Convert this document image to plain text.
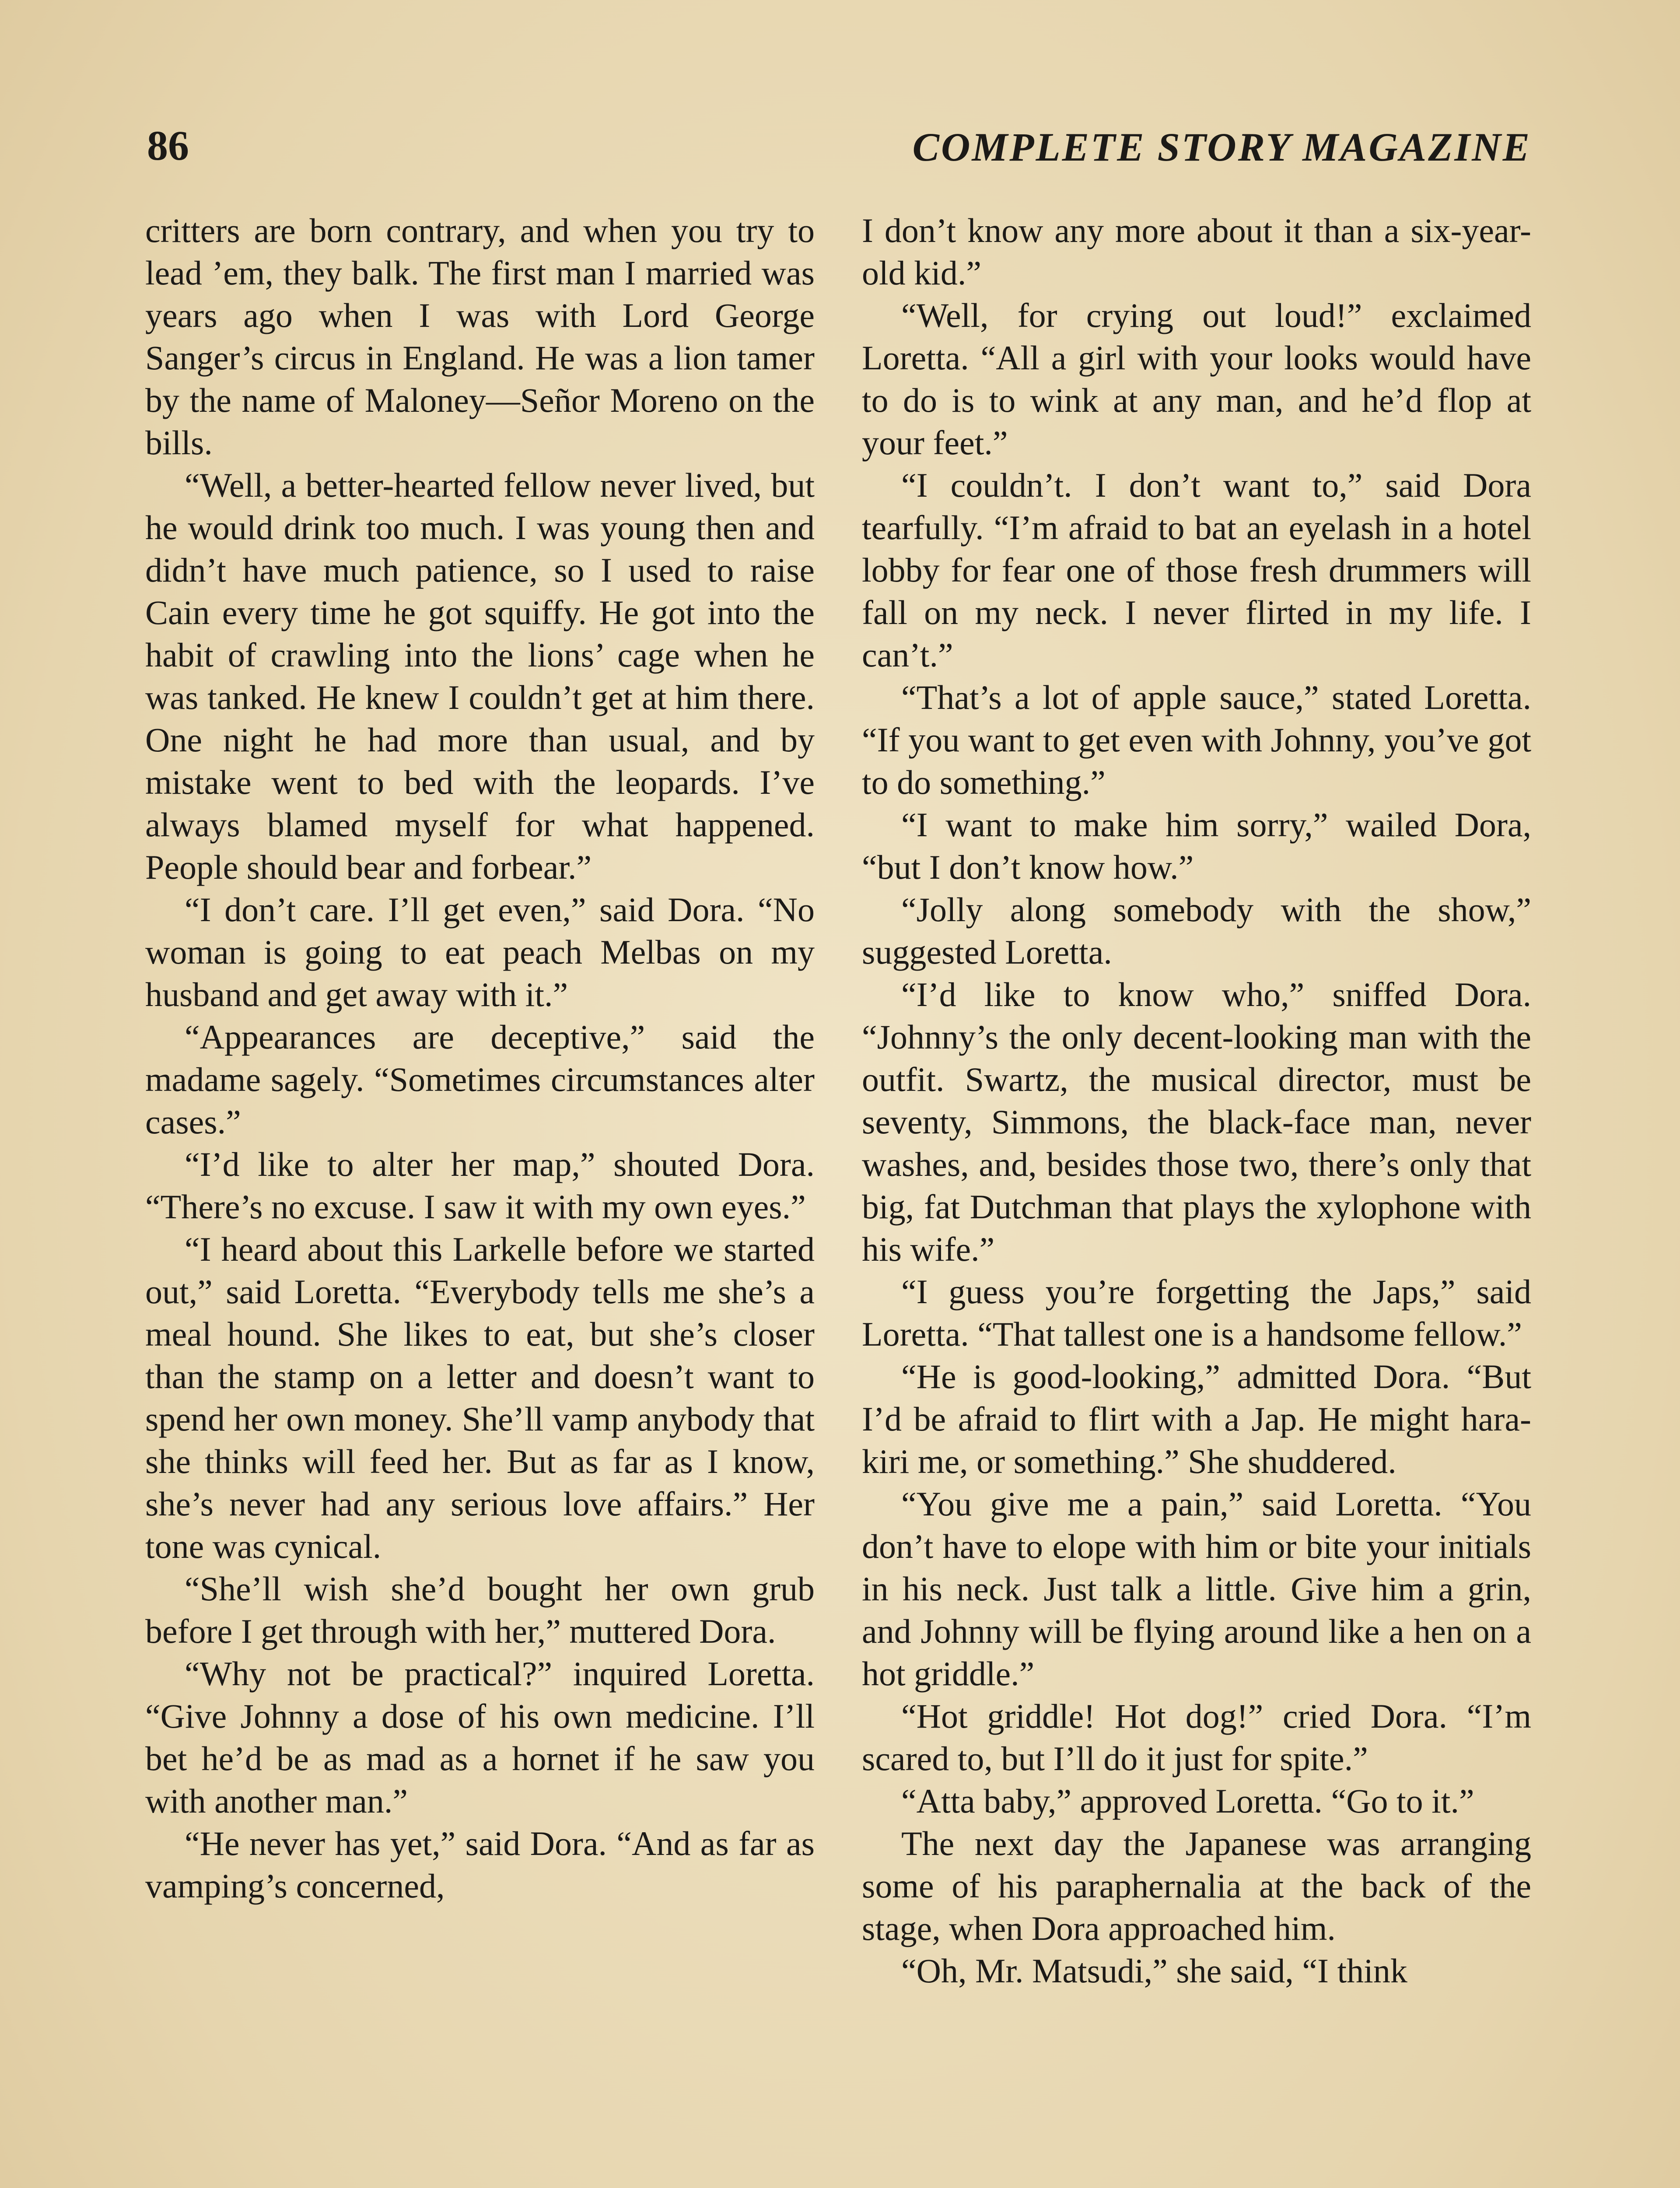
86	COMPLETE STORY MAGAZINE

critters are born contrary, and when you try to lead ’em, they balk. The first man I married was years ago when I was with Lord George Sanger’s circus in England. He was a lion tamer by the name of Maloney—Señor Moreno on the bills.

“Well, a better-hearted fellow never lived, but he would drink too much. I was young then and didn’t have much patience, so I used to raise Cain every time he got squiffy. He got into the habit of crawling into the lions’ cage when he was tanked. He knew I couldn’t get at him there. One night he had more than usual, and by mistake went to bed with the leopards. I’ve always blamed myself for what happened. People should bear and forbear.”

“I don’t care. I’ll get even,” said Dora. “No woman is going to eat peach Melbas on my husband and get away with it.”

“Appearances are deceptive,” said the madame sagely. “Sometimes circumstances alter cases.”

“I’d like to alter her map,” shouted Dora. “There’s no excuse. I saw it with my own eyes.”

“I heard about this Larkelle before we started out,” said Loretta. “Everybody tells me she’s a meal hound. She likes to eat, but she’s closer than the stamp on a letter and doesn’t want to spend her own money. She’ll vamp anybody that she thinks will feed her. But as far as I know, she’s never had any serious love affairs.” Her tone was cynical.

“She’ll wish she’d bought her own grub before I get through with her,” muttered Dora.

“Why not be practical?” inquired Loretta. “Give Johnny a dose of his own medicine. I’ll bet he’d be as mad as a hornet if he saw you with another man.”

“He never has yet,” said Dora. “And as far as vamping’s concerned,

I don’t know any more about it than a six-year-old kid.”

“Well, for crying out loud!” exclaimed Loretta. “All a girl with your looks would have to do is to wink at any man, and he’d flop at your feet.”

“I couldn’t. I don’t want to,” said Dora tearfully. “I’m afraid to bat an eyelash in a hotel lobby for fear one of those fresh drummers will fall on my neck. I never flirted in my life. I can’t.”

“That’s a lot of apple sauce,” stated Loretta. “If you want to get even with Johnny, you’ve got to do something.”

“I want to make him sorry,” wailed Dora, “but I don’t know how.”

“Jolly along somebody with the show,” suggested Loretta.

“I’d like to know who,” sniffed Dora. “Johnny’s the only decent-looking man with the outfit. Swartz, the musical director, must be seventy, Simmons, the black-face man, never washes, and, besides those two, there’s only that big, fat Dutchman that plays the xylophone with his wife.”

“I guess you’re forgetting the Japs,” said Loretta. “That tallest one is a handsome fellow.”

“He is good-looking,” admitted Dora. “But I’d be afraid to flirt with a Jap. He might hara-kiri me, or something.” She shuddered.

“You give me a pain,” said Loretta. “You don’t have to elope with him or bite your initials in his neck. Just talk a little. Give him a grin, and Johnny will be flying around like a hen on a hot griddle.”

“Hot griddle! Hot dog!” cried Dora. “I’m scared to, but I’ll do it just for spite.”

“Atta baby,” approved Loretta. “Go to it.”

The next day the Japanese was arranging some of his paraphernalia at the back of the stage, when Dora approached him.

“Oh, Mr. Matsudi,” she said, “I think
